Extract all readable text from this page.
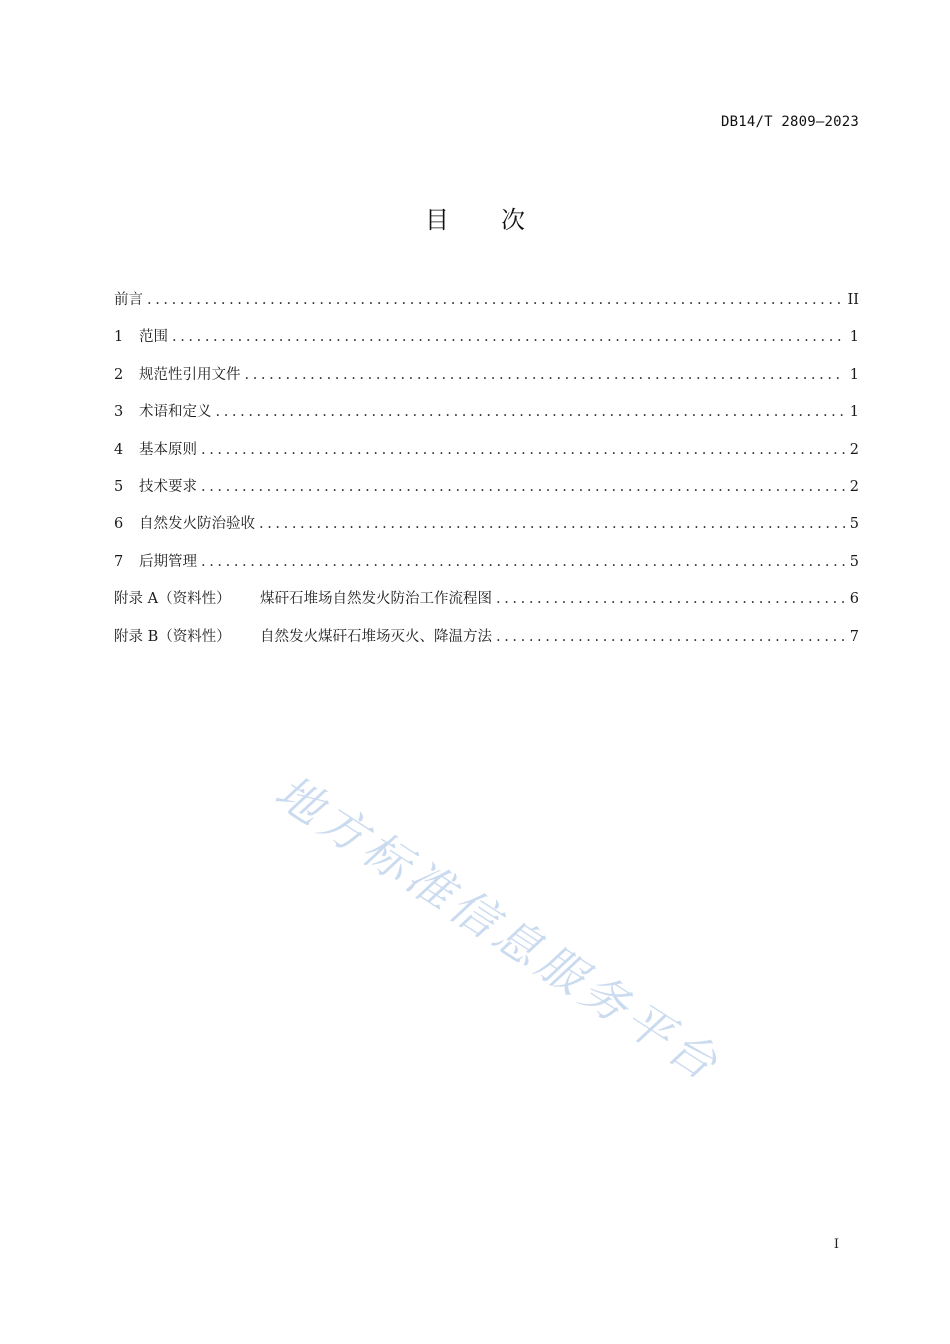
DB14/T 2809—2023
目次
前言 .....	II
1	范围 .....	1
2	规范性引用文件 .....	1
3	术语和定义 .....	1
4	基本原则 .....	2
5	技术要求 .....	2
6	自然发火防治验收 .....	5
7	后期管理 .....	5
附录 A（资料性）	煤矸石堆场自然发火防治工作流程图 .....	6
附录 B（资料性）	自然发火煤矸石堆场灭火、降温方法 .....	7
地方标准信息服务平台
I
